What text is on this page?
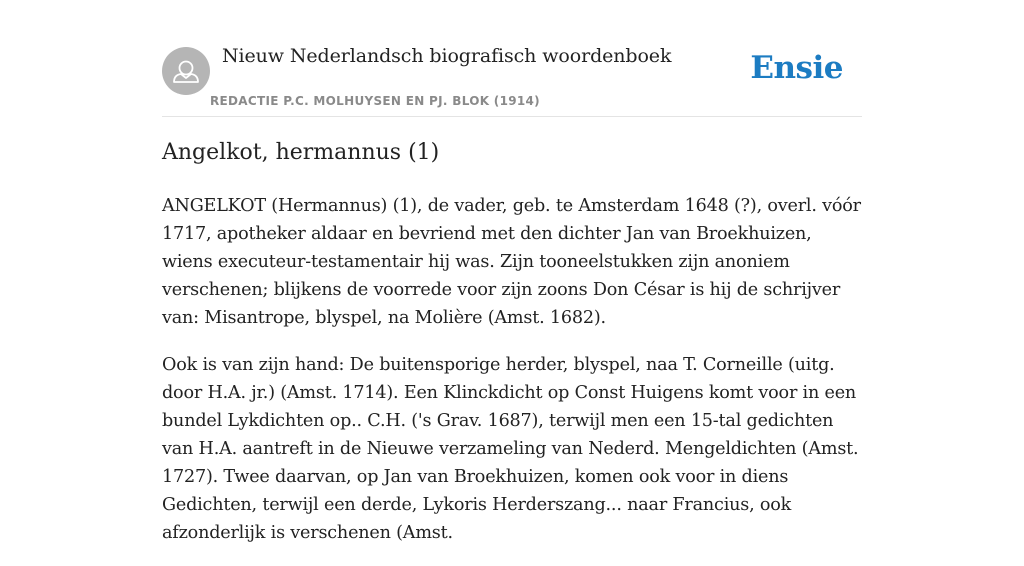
Nieuw Nederlandsch biografisch woordenboek
REDACTIE P.C. MOLHUYSEN EN PJ. BLOK (1914)
Ensie
Angelkot, hermannus (1)

ANGELKOT (Hermannus) (1), de vader, geb. te Amsterdam 1648 (?), overl. vóór 1717, apotheker aldaar en bevriend met den dichter Jan van Broekhuizen, wiens executeur-testamentair hij was. Zijn tooneelstukken zijn anoniem verschenen; blijkens de voorrede voor zijn zoons Don César is hij de schrijver van: Misantrope, blyspel, na Molière (Amst. 1682).

Ook is van zijn hand: De buitensporige herder, blyspel, naa T. Corneille (uitg. door H.A. jr.) (Amst. 1714). Een Klinckdicht op Const Huigens komt voor in een bundel Lykdichten op.. C.H. ('s Grav. 1687), terwijl men een 15-tal gedichten van H.A. aantreft in de Nieuwe verzameling van Nederd. Mengeldichten (Amst. 1727). Twee daarvan, op Jan van Broekhuizen, komen ook voor in diens Gedichten, terwijl een derde, Lykoris Herderszang... naar Francius, ook afzonderlijk is verschenen (Amst.
